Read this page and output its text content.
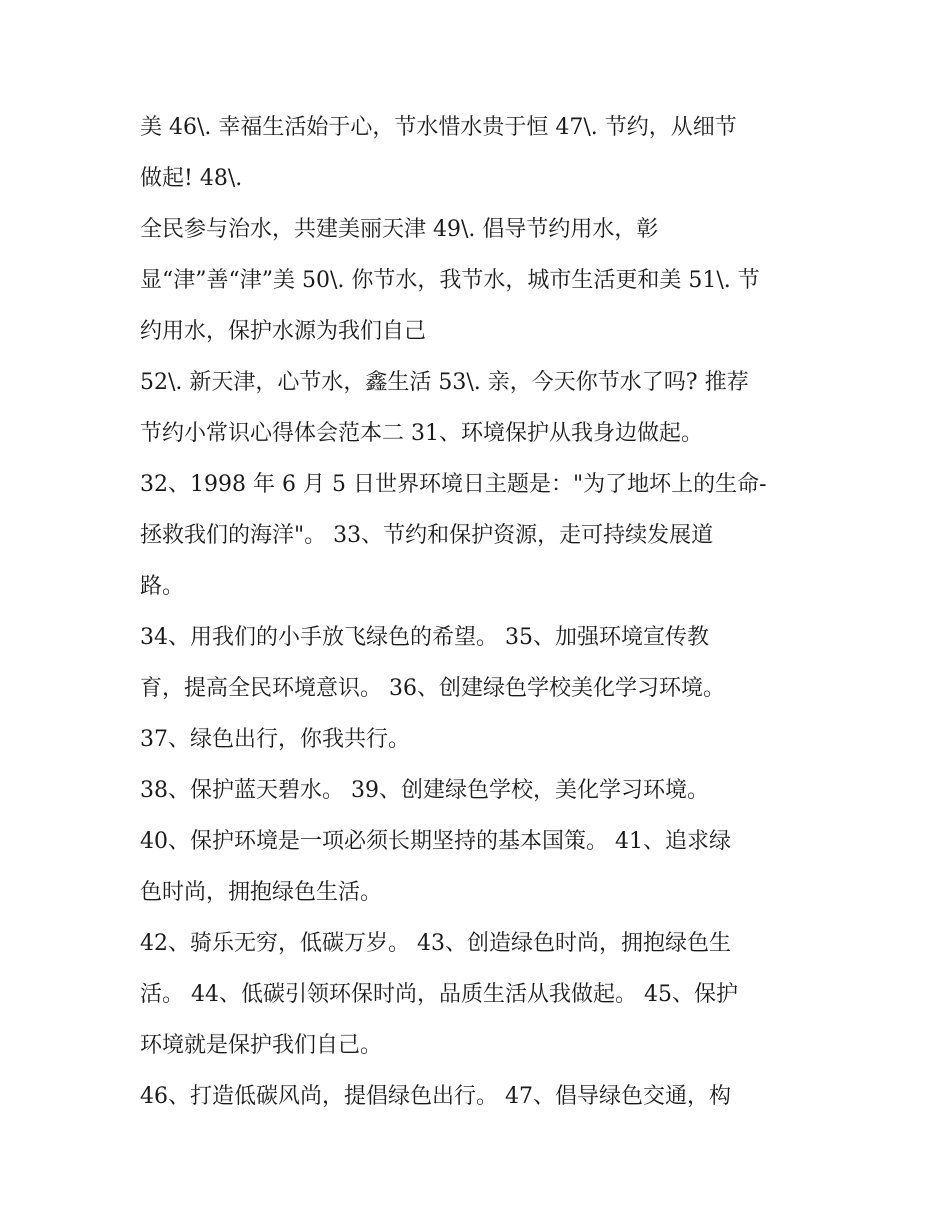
美 46\. 幸福生活始于心，节水惜水贵于恒 47\. 节约，从细节
做起! 48\.
全民参与治水，共建美丽天津 49\. 倡导节约用水，彰
显“津”善“津”美 50\. 你节水，我节水，城市生活更和美 51\. 节
约用水，保护水源为我们自己
52\. 新天津，心节水，鑫生活 53\. 亲，今天你节水了吗? 推荐
节约小常识心得体会范本二 31、环境保护从我身边做起。
32、1998 年 6 月 5 日世界环境日主题是："为了地坏上的生命-
拯救我们的海洋"。 33、节约和保护资源，走可持续发展道
路。
34、用我们的小手放飞绿色的希望。 35、加强环境宣传教
育，提高全民环境意识。 36、创建绿色学校美化学习环境。
37、绿色出行，你我共行。
38、保护蓝天碧水。 39、创建绿色学校，美化学习环境。
40、保护环境是一项必须长期坚持的基本国策。 41、追求绿
色时尚，拥抱绿色生活。
42、骑乐无穷，低碳万岁。 43、创造绿色时尚，拥抱绿色生
活。 44、低碳引领环保时尚，品质生活从我做起。 45、保护
环境就是保护我们自己。
46、打造低碳风尚，提倡绿色出行。 47、倡导绿色交通，构
